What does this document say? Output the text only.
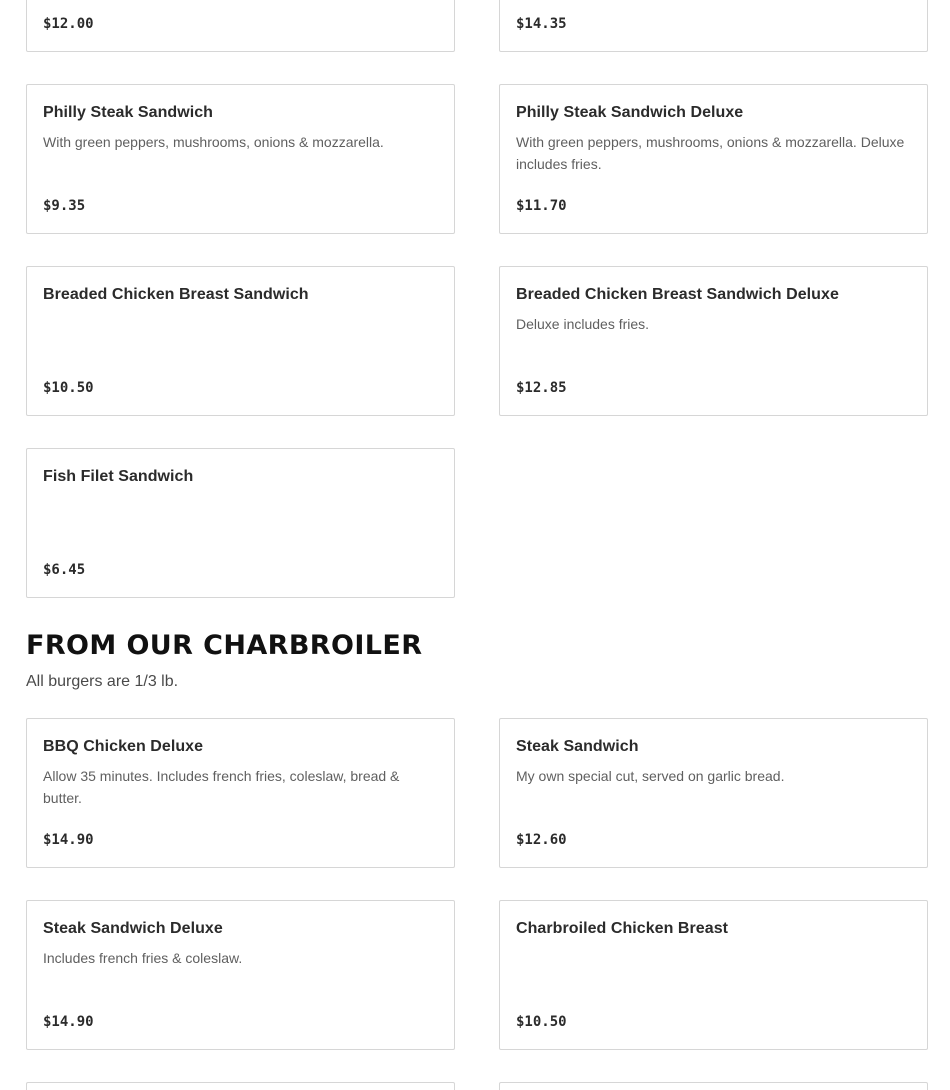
$12.00	$14.35
Philly Steak Sandwich
With green peppers, mushrooms, onions & mozzarella.
$9.35
Philly Steak Sandwich Deluxe
With green peppers, mushrooms, onions & mozzarella. Deluxe includes fries.
$11.70
Breaded Chicken Breast Sandwich
$10.50
Breaded Chicken Breast Sandwich Deluxe
Deluxe includes fries.
$12.85
Fish Filet Sandwich
$6.45
FROM OUR CHARBROILER
All burgers are 1/3 lb.
BBQ Chicken Deluxe
Allow 35 minutes. Includes french fries, coleslaw, bread & butter.
$14.90
Steak Sandwich
My own special cut, served on garlic bread.
$12.60
Steak Sandwich Deluxe
Includes french fries & coleslaw.
$14.90
Charbroiled Chicken Breast
$10.50
